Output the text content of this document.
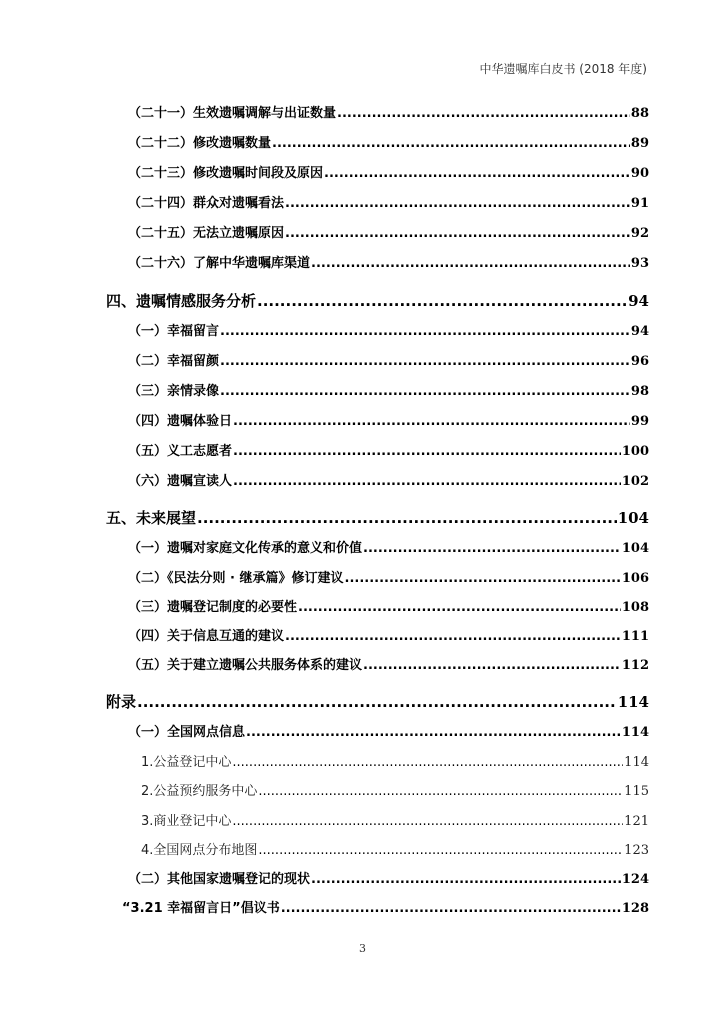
中华遗嘱库白皮书 (2018 年度)
（二十一）生效遗嘱调解与出证数量 .....	88
（二十二）修改遗嘱数量 .....	89
（二十三）修改遗嘱时间段及原因 .....	90
（二十四）群众对遗嘱看法 .....	91
（二十五）无法立遗嘱原因 .....	92
（二十六）了解中华遗嘱库渠道 .....	93
四、遗嘱情感服务分析 .....	94
（一）幸福留言 .....	94
（二）幸福留颜 .....	96
（三）亲情录像 .....	98
（四）遗嘱体验日 .....	99
（五）义工志愿者 .....	100
（六）遗嘱宣读人 .....	102
五、未来展望 .....	104
（一）遗嘱对家庭文化传承的意义和价值 .....	104
（二）《民法分则 · 继承篇》修订建议 .....	106
（三）遗嘱登记制度的必要性 .....	108
（四）关于信息互通的建议 .....	111
（五）关于建立遗嘱公共服务体系的建议 .....	112
附录 .....	114
（一）全国网点信息 .....	114
1.公益登记中心 .....	114
2.公益预约服务中心 .....	115
3.商业登记中心 .....	121
4.全国网点分布地图 .....	123
（二）其他国家遗嘱登记的现状 .....	124
“3.21 幸福留言日”倡议书 .....	128
3
